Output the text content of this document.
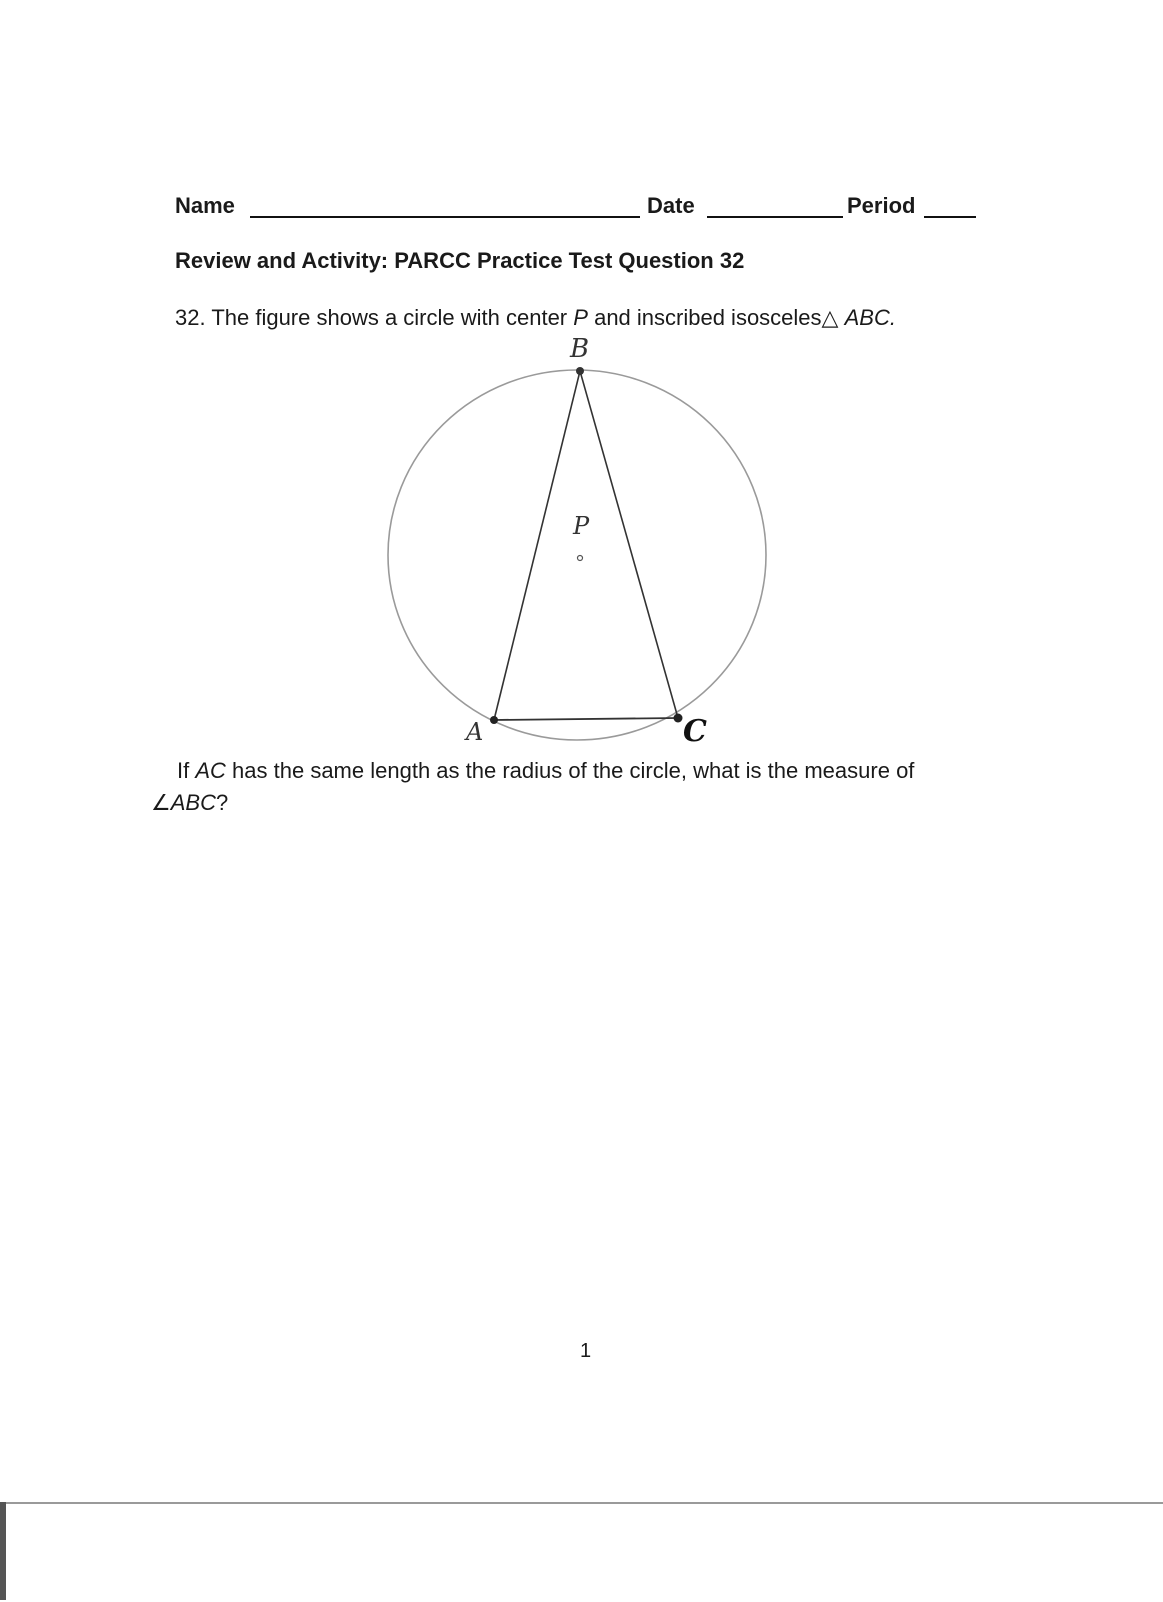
Name	Date	Period
Review and Activity: PARCC Practice Test Question 32
32. The figure shows a circle with center P and inscribed isosceles△ ABC.
B
P
A	C
If AC has the same length as the radius of the circle, what is the measure of
∠ABC?
1
